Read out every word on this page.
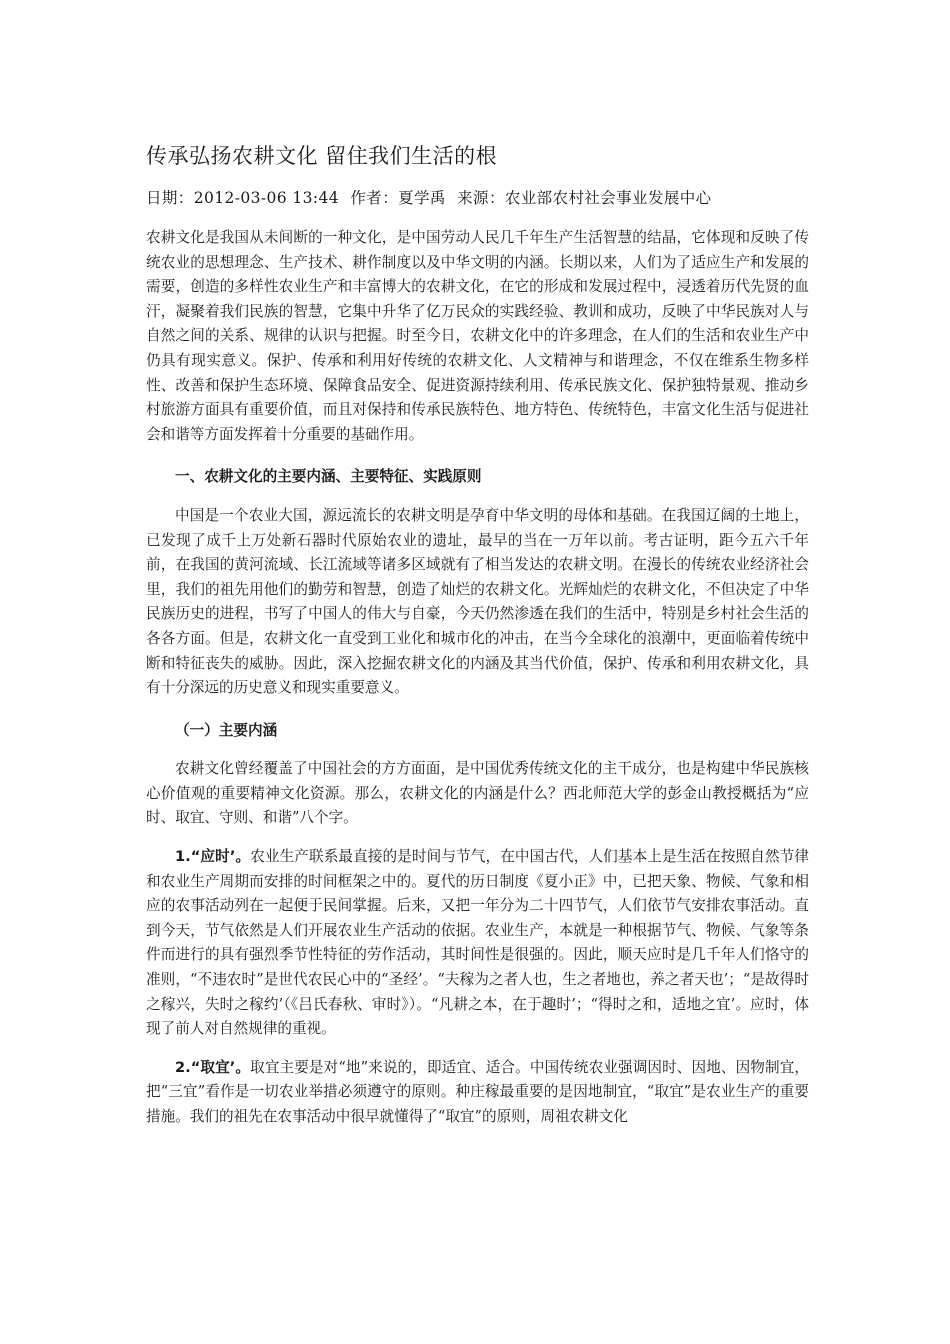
传承弘扬农耕文化 留住我们生活的根

日期：2012-03-06 13:44 作者：夏学禹 来源：农业部农村社会事业发展中心

农耕文化是我国从未间断的一种文化，是中国劳动人民几千年生产生活智慧的结晶，它体现和反映了传统农业的思想理念、生产技术、耕作制度以及中华文明的内涵。长期以来，人们为了适应生产和发展的需要，创造的多样性农业生产和丰富博大的农耕文化，在它的形成和发展过程中，浸透着历代先贤的血汗，凝聚着我们民族的智慧，它集中升华了亿万民众的实践经验、教训和成功，反映了中华民族对人与自然之间的关系、规律的认识与把握。时至今日，农耕文化中的许多理念，在人们的生活和农业生产中仍具有现实意义。保护、传承和利用好传统的农耕文化、人文精神与和谐理念，不仅在维系生物多样性、改善和保护生态环境、保障食品安全、促进资源持续利用、传承民族文化、保护独特景观、推动乡村旅游方面具有重要价值，而且对保持和传承民族特色、地方特色、传统特色，丰富文化生活与促进社会和谐等方面发挥着十分重要的基础作用。

一、农耕文化的主要内涵、主要特征、实践原则

中国是一个农业大国，源远流长的农耕文明是孕育中华文明的母体和基础。在我国辽阔的土地上，已发现了成千上万处新石器时代原始农业的遗址，最早的当在一万年以前。考古证明，距今五六千年前，在我国的黄河流域、长江流域等诸多区域就有了相当发达的农耕文明。在漫长的传统农业经济社会里，我们的祖先用他们的勤劳和智慧，创造了灿烂的农耕文化。光辉灿烂的农耕文化，不但决定了中华民族历史的进程，书写了中国人的伟大与自豪，今天仍然渗透在我们的生活中，特别是乡村社会生活的各各方面。但是，农耕文化一直受到工业化和城市化的冲击，在当今全球化的浪潮中，更面临着传统中断和特征丧失的威胁。因此，深入挖掘农耕文化的内涵及其当代价值，保护、传承和利用农耕文化，具有十分深远的历史意义和现实重要意义。

（一）主要内涵

农耕文化曾经覆盖了中国社会的方方面面，是中国优秀传统文化的主干成分，也是构建中华民族核心价值观的重要精神文化资源。那么，农耕文化的内涵是什么？西北师范大学的彭金山教授概括为“应时、取宜、守则、和谐”八个字。

1.“应时’。农业生产联系最直接的是时间与节气，在中国古代，人们基本上是生活在按照自然节律和农业生产周期而安排的时间框架之中的。夏代的历日制度《夏小正》中，已把天象、物候、气象和相应的农事活动列在一起便于民间掌握。后来，又把一年分为二十四节气，人们依节气安排农事活动。直到今天，节气依然是人们开展农业生产活动的依据。农业生产，本就是一种根据节气、物候、气象等条件而进行的具有强烈季节性特征的劳作活动，其时间性是很强的。因此，顺天应时是几千年人们恪守的准则，“不违农时”是世代农民心中的“圣经’。“夫稼为之者人也，生之者地也，养之者天也’；“是故得时之稼兴，失时之稼约’（《吕氏春秋、审时》）。“凡耕之本，在于趣时’；“得时之和，适地之宜’。应时，体现了前人对自然规律的重视。

2.“取宜’。取宜主要是对“地”来说的，即适宜、适合。中国传统农业强调因时、因地、因物制宜，把“三宜”看作是一切农业举措必须遵守的原则。种庄稼最重要的是因地制宜，“取宜”是农业生产的重要措施。我们的祖先在农事活动中很早就懂得了“取宜”的原则，周祖农耕文化
